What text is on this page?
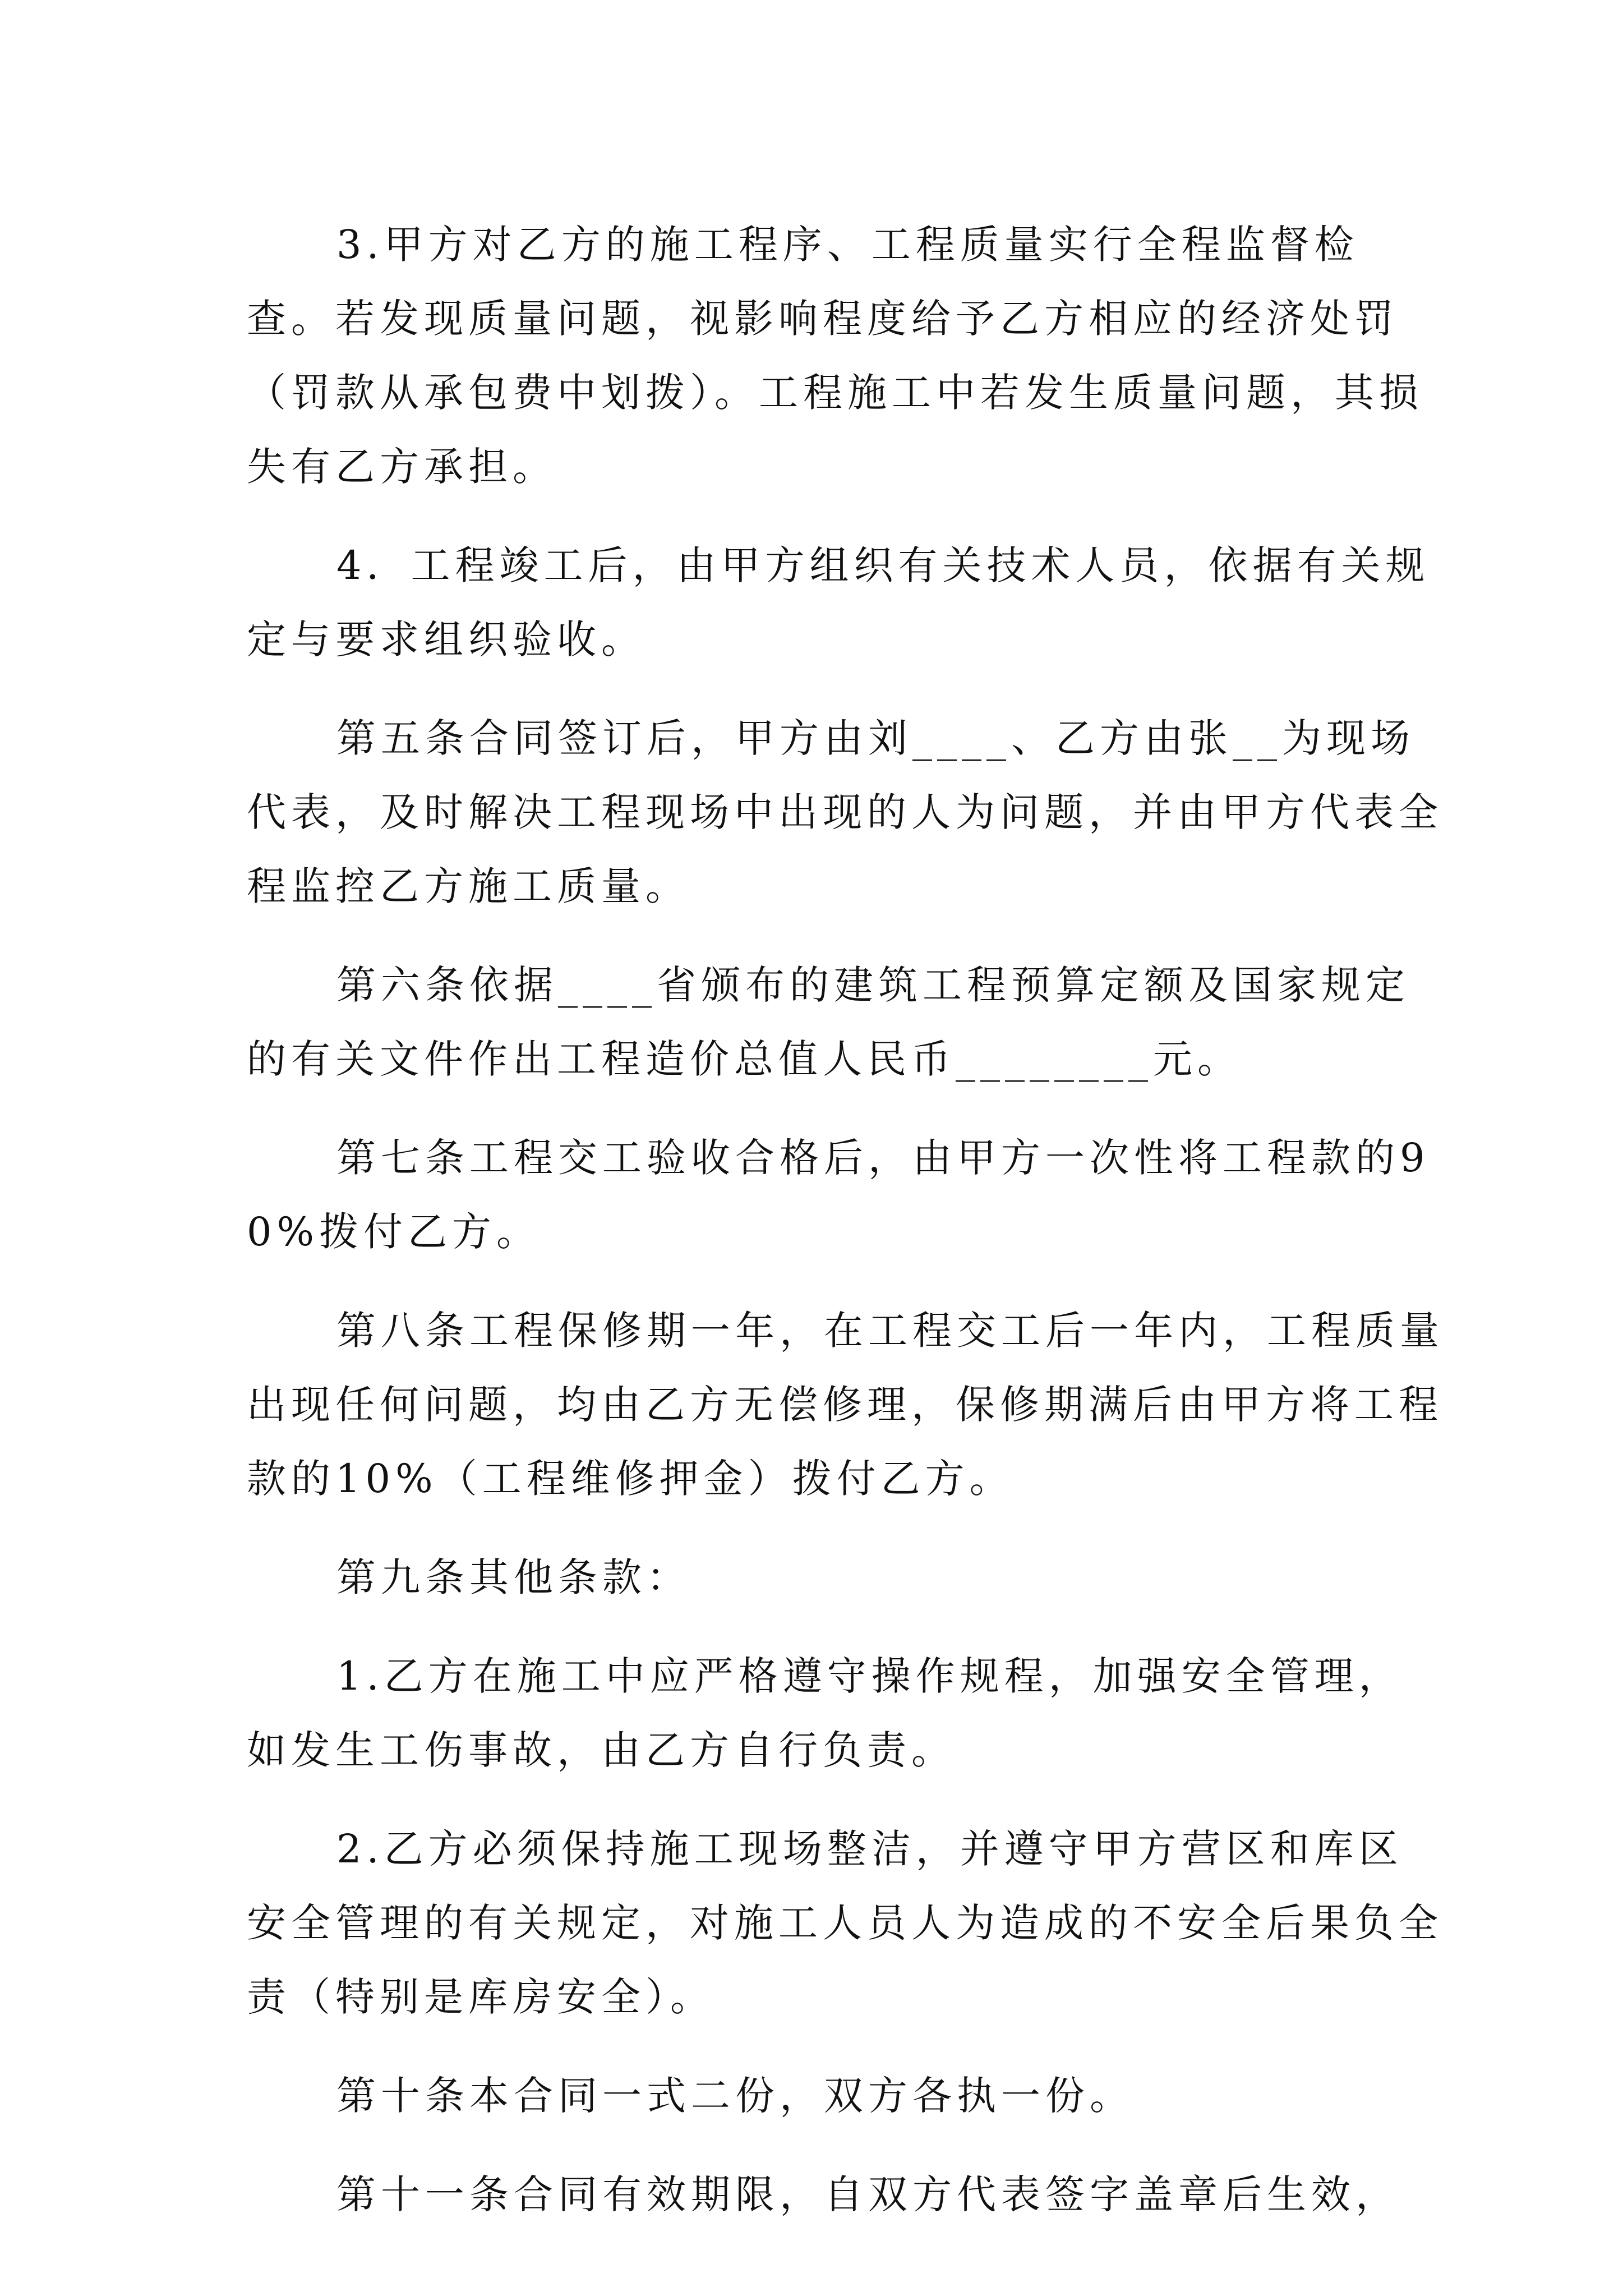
3.甲方对乙方的施工程序、工程质量实行全程监督检查。若发现质量问题，视影响程度给予乙方相应的经济处罚（罚款从承包费中划拨）。工程施工中若发生质量问题，其损失有乙方承担。

4．工程竣工后，由甲方组织有关技术人员，依据有关规定与要求组织验收。

第五条合同签订后，甲方由刘____、乙方由张__为现场代表，及时解决工程现场中出现的人为问题，并由甲方代表全程监控乙方施工质量。

第六条依据____省颁布的建筑工程预算定额及国家规定的有关文件作出工程造价总值人民币________元。

第七条工程交工验收合格后，由甲方一次性将工程款的90%拨付乙方。

第八条工程保修期一年，在工程交工后一年内，工程质量出现任何问题，均由乙方无偿修理，保修期满后由甲方将工程款的10%（工程维修押金）拨付乙方。

第九条其他条款：

1.乙方在施工中应严格遵守操作规程，加强安全管理，如发生工伤事故，由乙方自行负责。

2.乙方必须保持施工现场整洁，并遵守甲方营区和库区安全管理的有关规定，对施工人员人为造成的不安全后果负全责（特别是库房安全）。

第十条本合同一式二份，双方各执一份。

第十一条合同有效期限，自双方代表签字盖章后生效，
